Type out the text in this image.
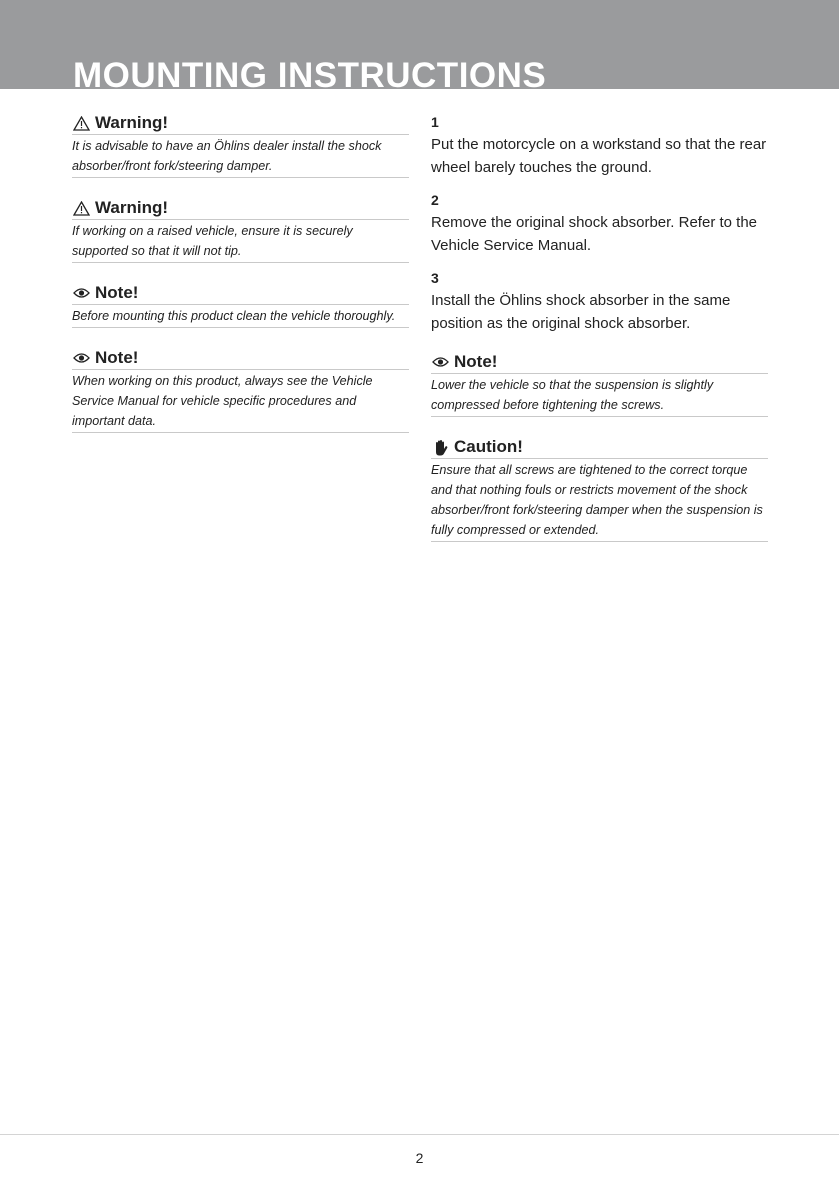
MOUNTING INSTRUCTIONS
Warning!
It is advisable to have an Öhlins dealer install the shock absorber/front fork/steering damper.
Warning!
If working on a raised vehicle, ensure it is securely supported so that it will not tip.
Note!
Before mounting this product clean the vehicle thoroughly.
Note!
When working on this product, always see the Vehicle Service Manual for vehicle specific procedures and important data.
1
Put the motorcycle on a workstand so that the rear wheel barely touches the ground.
2
Remove the original shock absorber. Refer to the Vehicle Service Manual.
3
Install the Öhlins shock absorber in the same position as the original shock absorber.
Note!
Lower the vehicle so that the suspension is slightly compressed before tightening the screws.
Caution!
Ensure that all screws are tightened to the correct torque and that nothing fouls or restricts movement of the shock absorber/front fork/steering damper when the suspension is fully compressed or extended.
2
